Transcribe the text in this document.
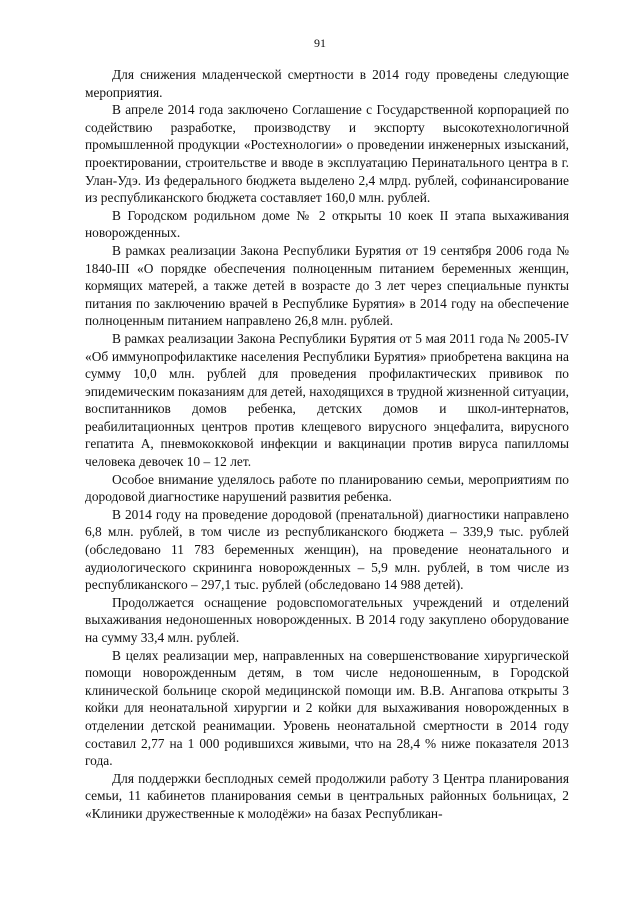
91

Для снижения младенческой смертности в 2014 году проведены следующие мероприятия.

В апреле 2014 года заключено Соглашение с Государственной корпорацией по содействию разработке, производству и экспорту высокотехнологичной промышленной продукции «Ростехнологии» о проведении инженерных изысканий, проектировании, строительстве и вводе в эксплуатацию Перинатального центра в г. Улан-Удэ. Из федерального бюджета выделено 2,4 млрд. рублей, софинансирование из республиканского бюджета составляет 160,0 млн. рублей.

В Городском родильном доме № 2 открыты 10 коек II этапа выхаживания новорожденных.

В рамках реализации Закона Республики Бурятия от 19 сентября 2006 года № 1840-III «О порядке обеспечения полноценным питанием беременных женщин, кормящих матерей, а также детей в возрасте до 3 лет через специальные пункты питания по заключению врачей в Республике Бурятия» в 2014 году на обеспечение полноценным питанием направлено 26,8 млн. рублей.

В рамках реализации Закона Республики Бурятия от 5 мая 2011 года № 2005-IV «Об иммунопрофилактике населения Республики Бурятия» приобретена вакцина на сумму 10,0 млн. рублей для проведения профилактических прививок по эпидемическим показаниям для детей, находящихся в трудной жизненной ситуации, воспитанников домов ребенка, детских домов и школ-интернатов, реабилитационных центров против клещевого вирусного энцефалита, вирусного гепатита А, пневмококковой инфекции и вакцинации против вируса папилломы человека девочек 10 – 12 лет.

Особое внимание уделялось работе по планированию семьи, мероприятиям по дородовой диагностике нарушений развития ребенка.

В 2014 году на проведение дородовой (пренатальной) диагностики направлено 6,8 млн. рублей, в том числе из республиканского бюджета – 339,9 тыс. рублей (обследовано 11 783 беременных женщин), на проведение неонатального и аудиологического скрининга новорожденных – 5,9 млн. рублей, в том числе из республиканского – 297,1 тыс. рублей (обследовано 14 988 детей).

Продолжается оснащение родовспомогательных учреждений и отделений выхаживания недоношенных новорожденных. В 2014 году закуплено оборудование на сумму 33,4 млн. рублей.

В целях реализации мер, направленных на совершенствование хирургической помощи новорожденным детям, в том числе недоношенным, в Городской клинической больнице скорой медицинской помощи им. В.В. Ангапова открыты 3 койки для неонатальной хирургии и 2 койки для выхаживания новорожденных в отделении детской реанимации. Уровень неонатальной смертности в 2014 году составил 2,77 на 1 000 родившихся живыми, что на 28,4 % ниже показателя 2013 года.

Для поддержки бесплодных семей продолжили работу 3 Центра планирования семьи, 11 кабинетов планирования семьи в центральных районных больницах, 2 «Клиники дружественные к молодёжи» на базах Республикан-
